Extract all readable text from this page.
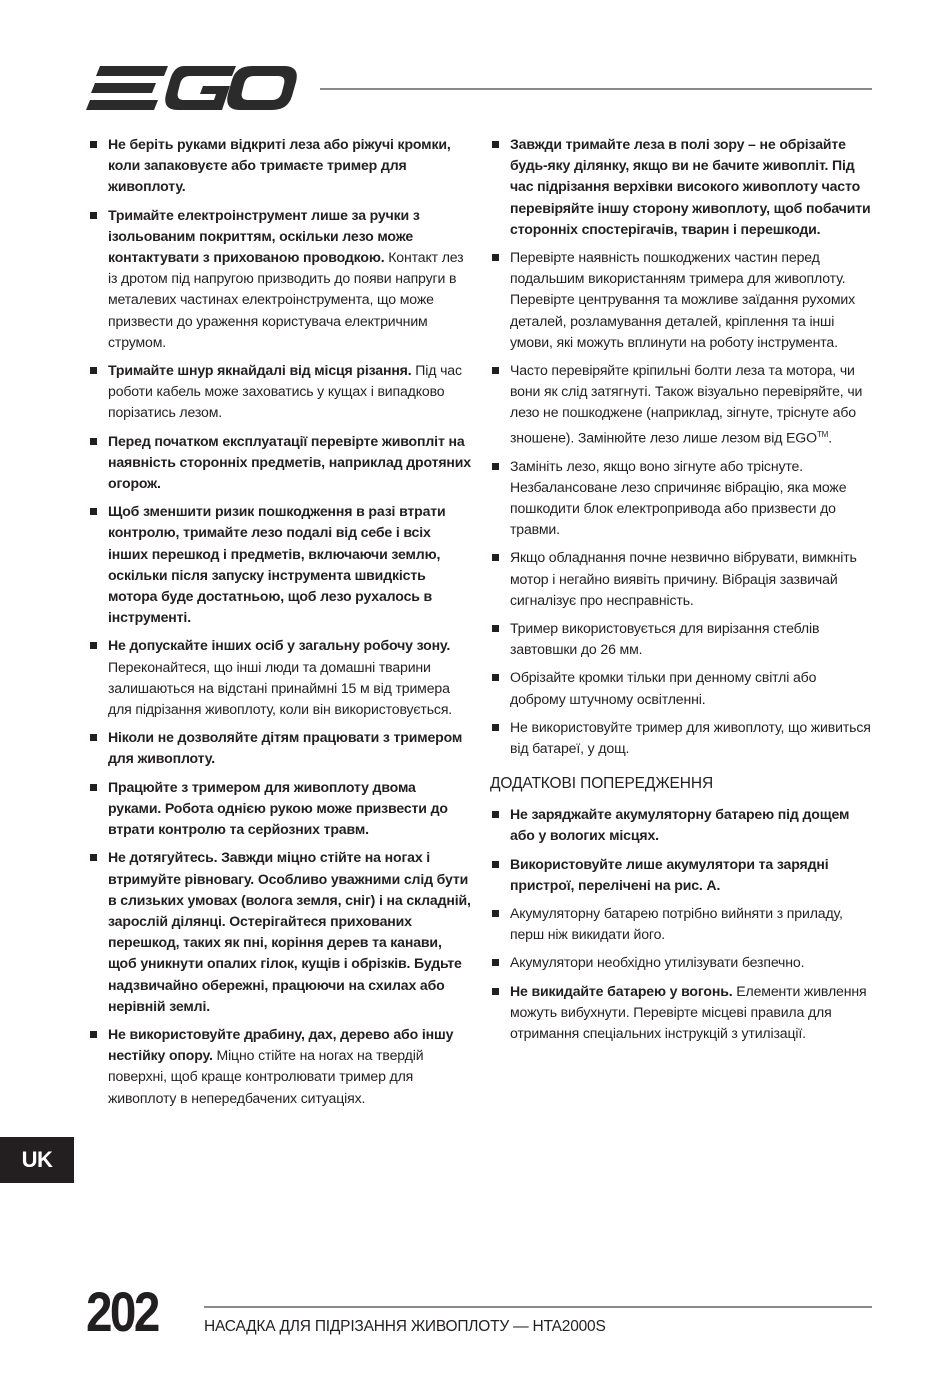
Не беріть руками відкриті леза або ріжучі кромки, коли запаковуєте або тримаєте тример для живоплоту.
Тримайте електроінструмент лише за ручки з ізольованим покриттям, оскільки лезо може контактувати з прихованою проводкою. Контакт лез із дротом під напругою призводить до появи напруги в металевих частинах електроінструмента, що може призвести до ураження користувача електричним струмом.
Тримайте шнур якнайдалі від місця різання. Під час роботи кабель може заховатись у кущах і випадково порізатись лезом.
Перед початком експлуатації перевірте живопліт на наявність сторонніх предметів, наприклад дротяних огорож.
Щоб зменшити ризик пошкодження в разі втрати контролю, тримайте лезо подалі від себе і всіх інших перешкод і предметів, включаючи землю, оскільки після запуску інструмента швидкість мотора буде достатньою, щоб лезо рухалось в інструменті.
Не допускайте інших осіб у загальну робочу зону. Переконайтеся, що інші люди та домашні тварини залишаються на відстані принаймні 15 м від тримера для підрізання живоплоту, коли він використовується.
Ніколи не дозволяйте дітям працювати з тримером для живоплоту.
Працюйте з тримером для живоплоту двома руками. Робота однією рукою може призвести до втрати контролю та серйозних травм.
Не дотягуйтесь. Завжди міцно стійте на ногах і втримуйте рівновагу. Особливо уважними слід бути в слизьких умовах (волога земля, сніг) і на складній, зарослій ділянці. Остерігайтеся прихованих перешкод, таких як пні, коріння дерев та канави, щоб уникнути опалих гілок, кущів і обрізків. Будьте надзвичайно обережні, працюючи на схилах або нерівній землі.
Не використовуйте драбину, дах, дерево або іншу нестійку опору. Міцно стійте на ногах на твердій поверхні, щоб краще контролювати тример для живоплоту в непередбачених ситуаціях.
Завжди тримайте леза в полі зору – не обрізайте будь-яку ділянку, якщо ви не бачите живопліт. Під час підрізання верхівки високого живоплоту часто перевіряйте іншу сторону живоплоту, щоб побачити сторонніх спостерігачів, тварин і перешкоди.
Перевірте наявність пошкоджених частин перед подальшим використанням тримера для живоплоту. Перевірте центрування та можливе заїдання рухомих деталей, розламування деталей, кріплення та інші умови, які можуть вплинути на роботу інструмента.
Часто перевіряйте кріпильні болти леза та мотора, чи вони як слід затягнуті. Також візуально перевіряйте, чи лезо не пошкоджене (наприклад, зігнуте, тріснуте або зношене). Замінюйте лезо лише лезом від EGO™.
Замініть лезо, якщо воно зігнуте або тріснуте. Незбалансоване лезо спричиняє вібрацію, яка може пошкодити блок електропривода або призвести до травми.
Якщо обладнання почне незвично вібрувати, вимкніть мотор і негайно виявіть причину. Вібрація зазвичай сигналізує про несправність.
Тример використовується для вирізання стеблів завтовшки до 26 мм.
Обрізайте кромки тільки при денному світлі або доброму штучному освітленні.
Не використовуйте тример для живоплоту, що живиться від батареї, у дощ.
ДОДАТКОВІ ПОПЕРЕДЖЕННЯ
Не заряджайте акумуляторну батарею під дощем або у вологих місцях.
Використовуйте лише акумулятори та зарядні пристрої, перелічені на рис. A.
Акумуляторну батарею потрібно вийняти з приладу, перш ніж викидати його.
Акумулятори необхідно утилізувати безпечно.
Не викидайте батарею у вогонь. Елементи живлення можуть вибухнути. Перевірте місцеві правила для отримання спеціальних інструкцій з утилізації.
UK
202	НАСАДКА ДЛЯ ПІДРІЗАННЯ ЖИВОПЛОТУ — HTA2000S
